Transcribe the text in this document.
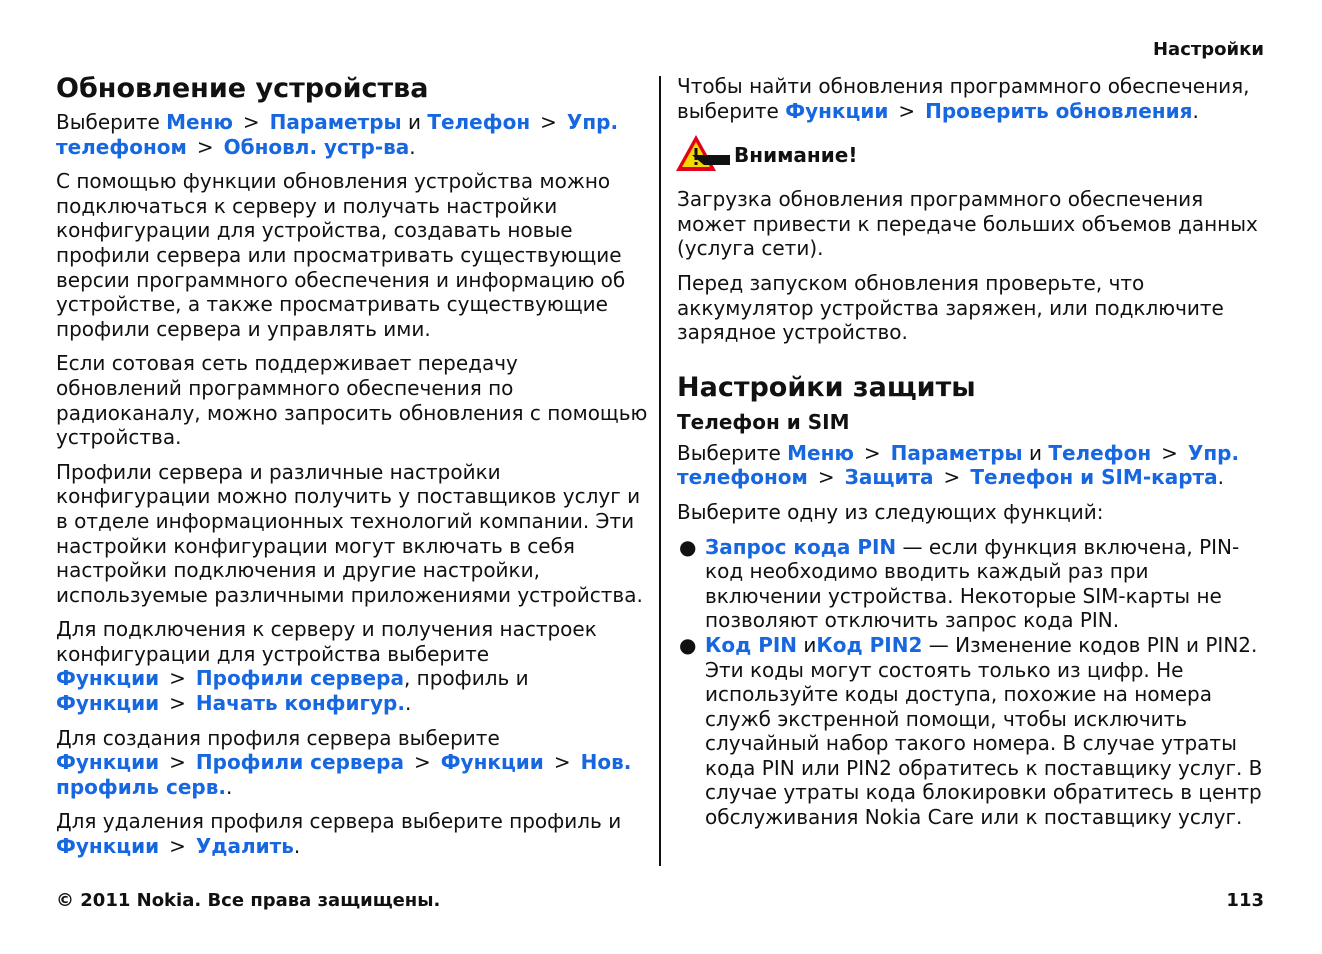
Настройки
Обновление устройства

Выберите Меню > Параметры и Телефон > Упр. телефоном > Обновл. устр-ва.

С помощью функции обновления устройства можно подключаться к серверу и получать настройки конфигурации для устройства, создавать новые профили сервера или просматривать существующие версии программного обеспечения и информацию об устройстве, а также просматривать существующие профили сервера и управлять ими.

Если сотовая сеть поддерживает передачу обновлений программного обеспечения по радиоканалу, можно запросить обновления с помощью устройства.

Профили сервера и различные настройки конфигурации можно получить у поставщиков услуг и в отделе информационных технологий компании. Эти настройки конфигурации могут включать в себя настройки подключения и другие настройки, используемые различными приложениями устройства.

Для подключения к серверу и получения настроек конфигурации для устройства выберите Функции > Профили сервера, профиль и Функции > Начать конфигур..

Для создания профиля сервера выберите Функции > Профили сервера > Функции > Нов. профиль серв..

Для удаления профиля сервера выберите профиль и Функции > Удалить.

Чтобы найти обновления программного обеспечения, выберите Функции > Проверить обновления.

Внимание!

Загрузка обновления программного обеспечения может привести к передаче больших объемов данных (услуга сети).

Перед запуском обновления проверьте, что аккумулятор устройства заряжен, или подключите зарядное устройство.

Настройки защиты
Телефон и SIM

Выберите Меню > Параметры и Телефон > Упр. телефоном > Защита > Телефон и SIM-карта.

Выберите одну из следующих функций:

● Запрос кода PIN — если функция включена, PIN-код необходимо вводить каждый раз при включении устройства. Некоторые SIM-карты не позволяют отключить запрос кода PIN.
● Код PIN иКод PIN2 — Изменение кодов PIN и PIN2. Эти коды могут состоять только из цифр. Не используйте коды доступа, похожие на номера служб экстренной помощи, чтобы исключить случайный набор такого номера. В случае утраты кода PIN или PIN2 обратитесь к поставщику услуг. В случае утраты кода блокировки обратитесь в центр обслуживания Nokia Care или к поставщику услуг.
© 2011 Nokia. Все права защищены.	113
